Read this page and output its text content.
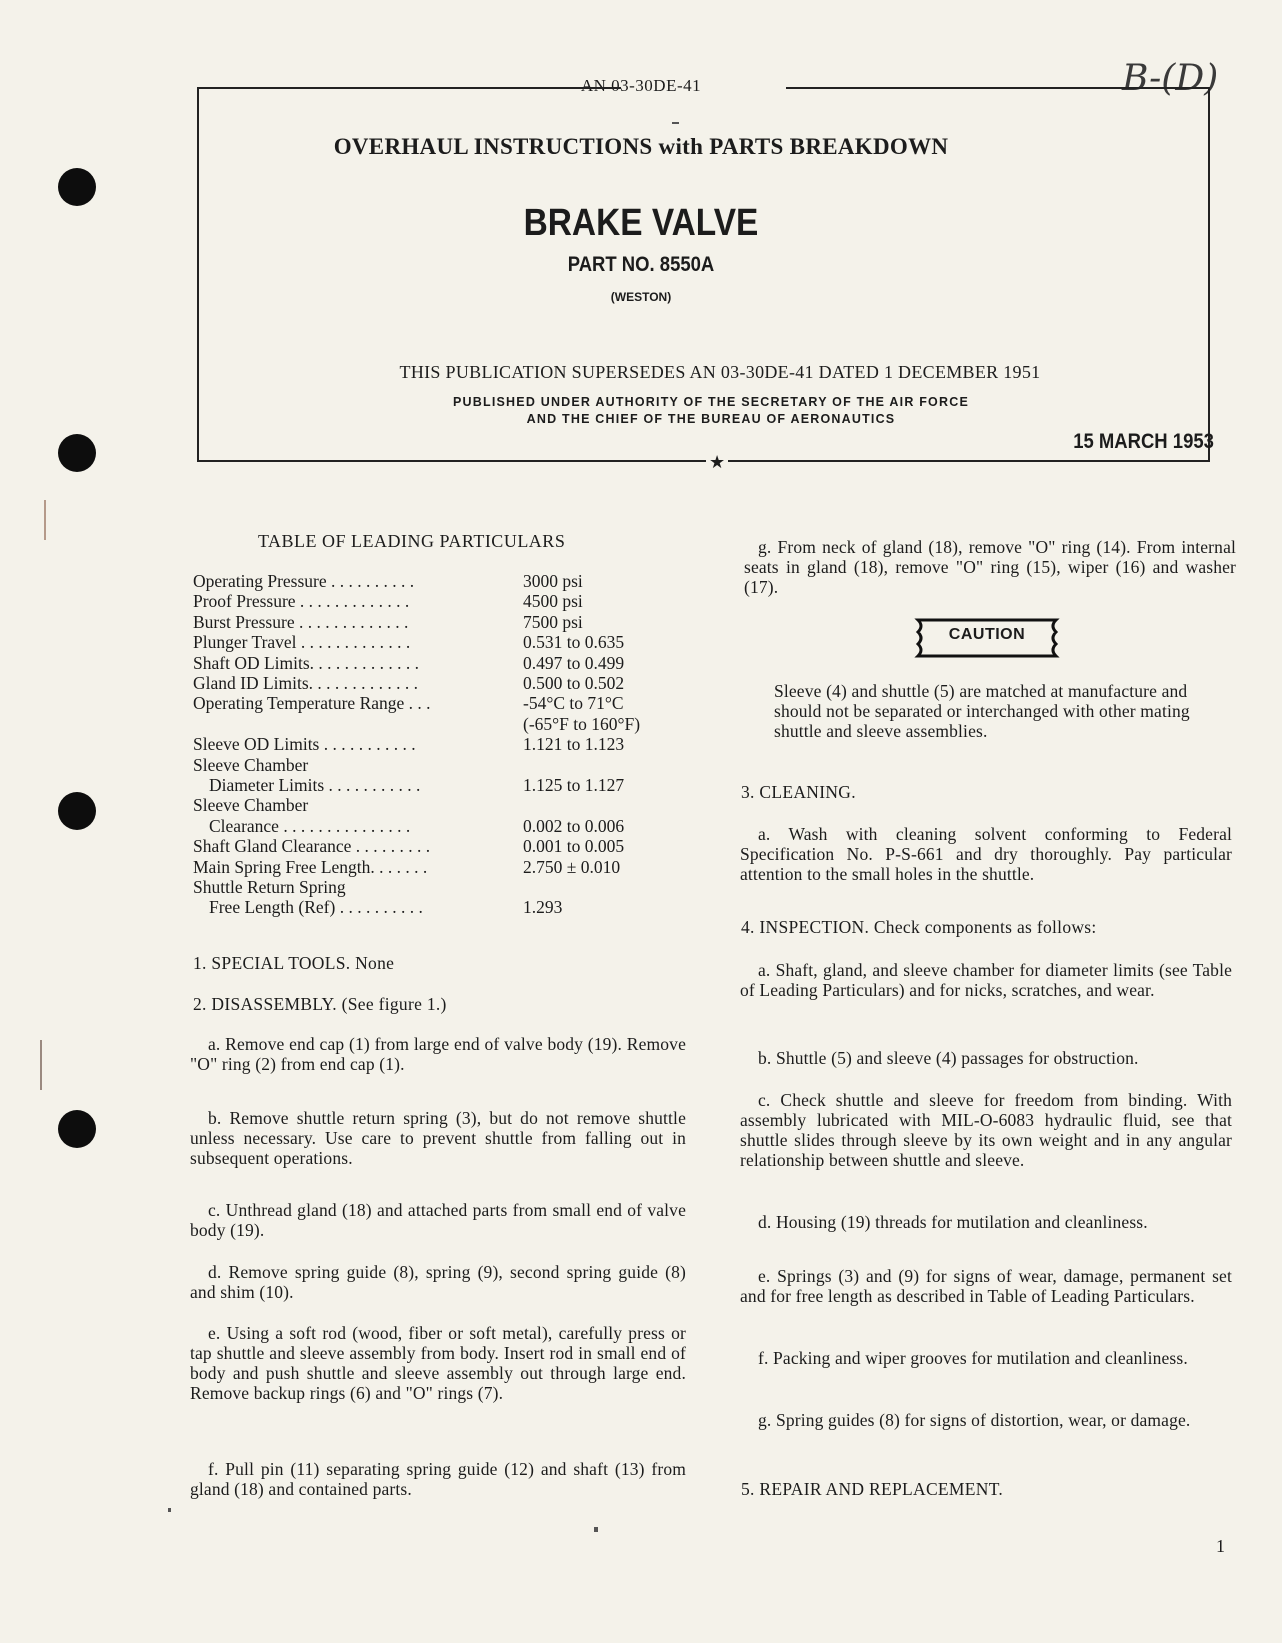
AN 03-30DE-41	B-(D)
OVERHAUL INSTRUCTIONS with PARTS BREAKDOWN
BRAKE VALVE
PART NO. 8550A
(WESTON)
THIS PUBLICATION SUPERSEDES AN 03-30DE-41 DATED 1 DECEMBER 1951
PUBLISHED UNDER AUTHORITY OF THE SECRETARY OF THE AIR FORCE
AND THE CHIEF OF THE BUREAU OF AERONAUTICS
15 MARCH 1953
★
TABLE OF LEADING PARTICULARS
Operating Pressure . . . . . . . . . .	3000 psi
Proof Pressure . . . . . . . . . . . . .	4500 psi
Burst Pressure . . . . . . . . . . . . .	7500 psi
Plunger Travel . . . . . . . . . . . . .	0.531 to 0.635
Shaft OD Limits. . . . . . . . . . . . .	0.497 to 0.499
Gland ID Limits. . . . . . . . . . . . .	0.500 to 0.502
Operating Temperature Range . . .	-54°C to 71°C
(-65°F to 160°F)
Sleeve OD Limits . . . . . . . . . . .	1.121 to 1.123
Sleeve Chamber
Diameter Limits . . . . . . . . . . .	1.125 to 1.127
Sleeve Chamber
Clearance . . . . . . . . . . . . . . .	0.002 to 0.006
Shaft Gland Clearance . . . . . . . . .	0.001 to 0.005
Main Spring Free Length. . . . . . .	2.750 ± 0.010
Shuttle Return Spring
Free Length (Ref) . . . . . . . . . .	1.293
1. SPECIAL TOOLS. None
2. DISASSEMBLY. (See figure 1.)
a. Remove end cap (1) from large end of valve body (19). Remove "O" ring (2) from end cap (1).
b. Remove shuttle return spring (3), but do not remove shuttle unless necessary. Use care to prevent shuttle from falling out in subsequent operations.
c. Unthread gland (18) and attached parts from small end of valve body (19).
d. Remove spring guide (8), spring (9), second spring guide (8) and shim (10).
e. Using a soft rod (wood, fiber or soft metal), carefully press or tap shuttle and sleeve assembly from body. Insert rod in small end of body and push shuttle and sleeve assembly out through large end. Remove backup rings (6) and "O" rings (7).
f. Pull pin (11) separating spring guide (12) and shaft (13) from gland (18) and contained parts.
g. From neck of gland (18), remove "O" ring (14). From internal seats in gland (18), remove "O" ring (15), wiper (16) and washer (17).
CAUTION
Sleeve (4) and shuttle (5) are matched at manufacture and should not be separated or interchanged with other mating shuttle and sleeve assemblies.
3. CLEANING.
a. Wash with cleaning solvent conforming to Federal Specification No. P-S-661 and dry thoroughly. Pay particular attention to the small holes in the shuttle.
4. INSPECTION. Check components as follows:
a. Shaft, gland, and sleeve chamber for diameter limits (see Table of Leading Particulars) and for nicks, scratches, and wear.
b. Shuttle (5) and sleeve (4) passages for obstruction.
c. Check shuttle and sleeve for freedom from binding. With assembly lubricated with MIL-O-6083 hydraulic fluid, see that shuttle slides through sleeve by its own weight and in any angular relationship between shuttle and sleeve.
d. Housing (19) threads for mutilation and cleanliness.
e. Springs (3) and (9) for signs of wear, damage, permanent set and for free length as described in Table of Leading Particulars.
f. Packing and wiper grooves for mutilation and cleanliness.
g. Spring guides (8) for signs of distortion, wear, or damage.
5. REPAIR AND REPLACEMENT.
1
